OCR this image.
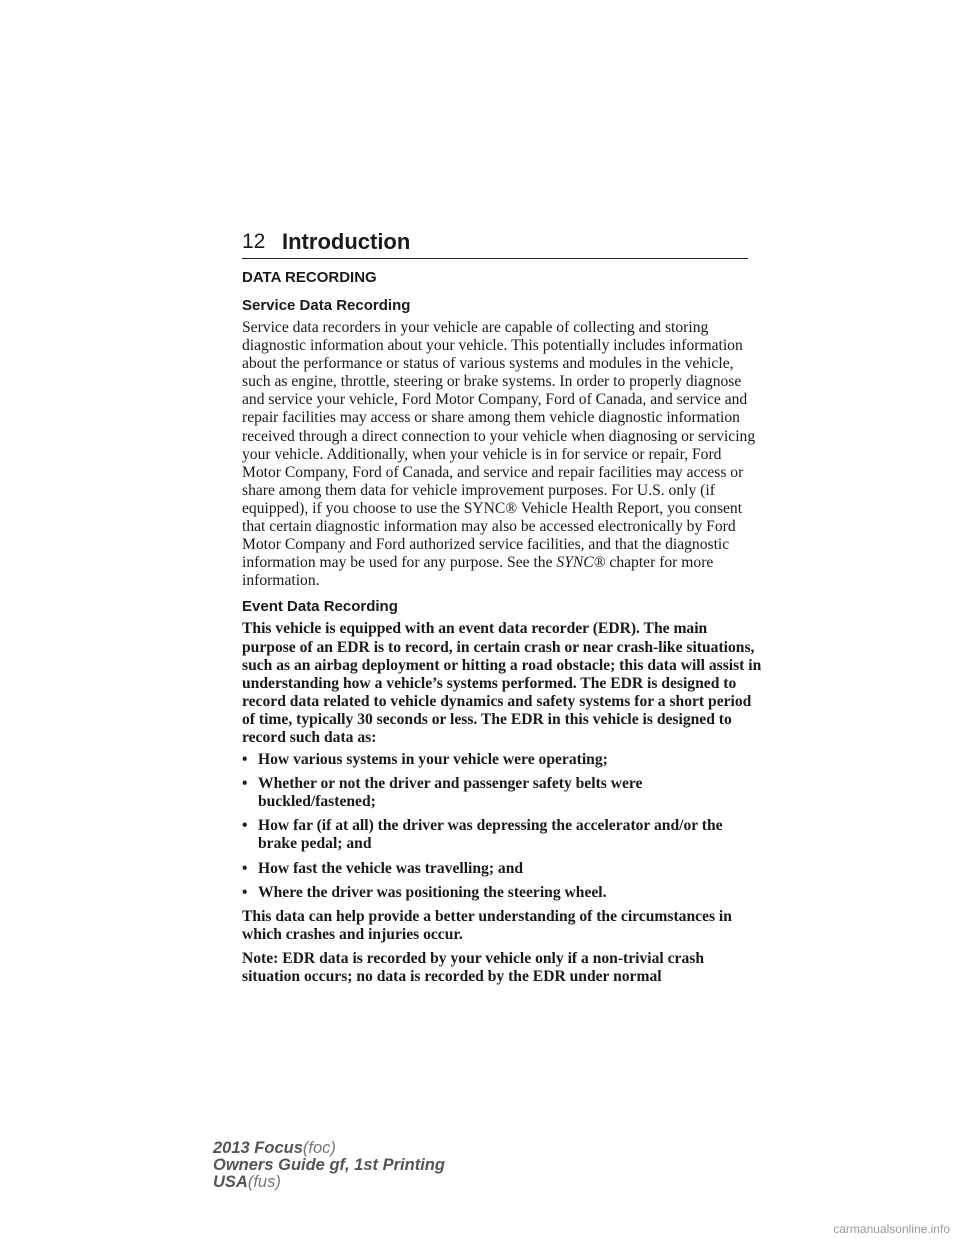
12 Introduction
DATA RECORDING
Service Data Recording

Service data recorders in your vehicle are capable of collecting and storing diagnostic information about your vehicle. This potentially includes information about the performance or status of various systems and modules in the vehicle, such as engine, throttle, steering or brake systems. In order to properly diagnose and service your vehicle, Ford Motor Company, Ford of Canada, and service and repair facilities may access or share among them vehicle diagnostic information received through a direct connection to your vehicle when diagnosing or servicing your vehicle. Additionally, when your vehicle is in for service or repair, Ford Motor Company, Ford of Canada, and service and repair facilities may access or share among them data for vehicle improvement purposes. For U.S. only (if equipped), if you choose to use the SYNC® Vehicle Health Report, you consent that certain diagnostic information may also be accessed electronically by Ford Motor Company and Ford authorized service facilities, and that the diagnostic information may be used for any purpose. See the SYNC® chapter for more information.

Event Data Recording

This vehicle is equipped with an event data recorder (EDR). The main purpose of an EDR is to record, in certain crash or near crash-like situations, such as an airbag deployment or hitting a road obstacle; this data will assist in understanding how a vehicle’s systems performed. The EDR is designed to record data related to vehicle dynamics and safety systems for a short period of time, typically 30 seconds or less. The EDR in this vehicle is designed to record such data as:

• How various systems in your vehicle were operating;
• Whether or not the driver and passenger safety belts were buckled/fastened;
• How far (if at all) the driver was depressing the accelerator and/or the brake pedal; and
• How fast the vehicle was travelling; and
• Where the driver was positioning the steering wheel.

This data can help provide a better understanding of the circumstances in which crashes and injuries occur.

Note: EDR data is recorded by your vehicle only if a non-trivial crash situation occurs; no data is recorded by the EDR under normal

2013 Focus(foc)
Owners Guide gf, 1st Printing
USA(fus)
carmanualsonline.info
